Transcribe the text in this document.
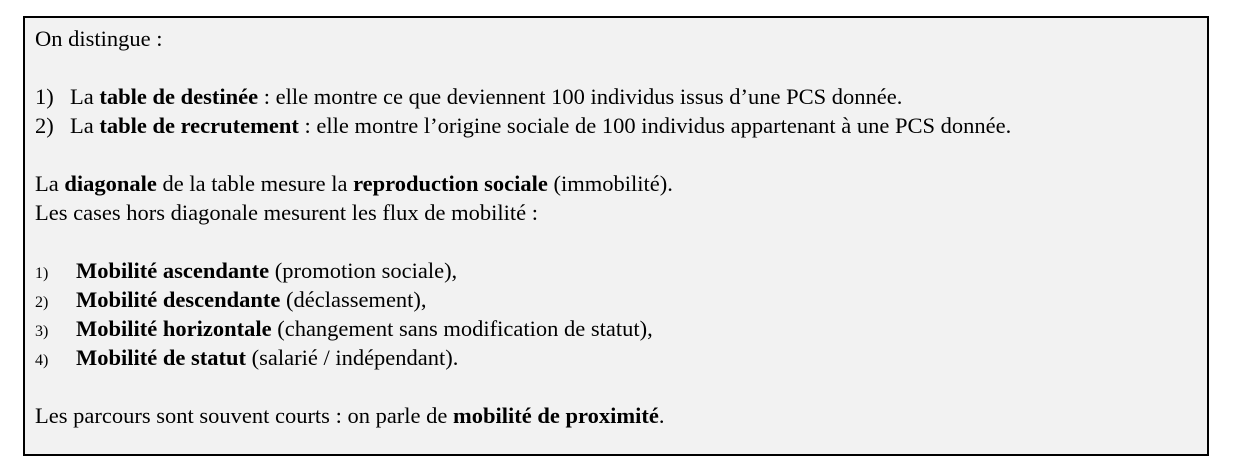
On distingue :
1) La table de destinée : elle montre ce que deviennent 100 individus issus d’une PCS donnée.
2) La table de recrutement : elle montre l’origine sociale de 100 individus appartenant à une PCS donnée.
La diagonale de la table mesure la reproduction sociale (immobilité).
Les cases hors diagonale mesurent les flux de mobilité :
1) Mobilité ascendante (promotion sociale),
2) Mobilité descendante (déclassement),
3) Mobilité horizontale (changement sans modification de statut),
4) Mobilité de statut (salarié / indépendant).
Les parcours sont souvent courts : on parle de mobilité de proximité.
